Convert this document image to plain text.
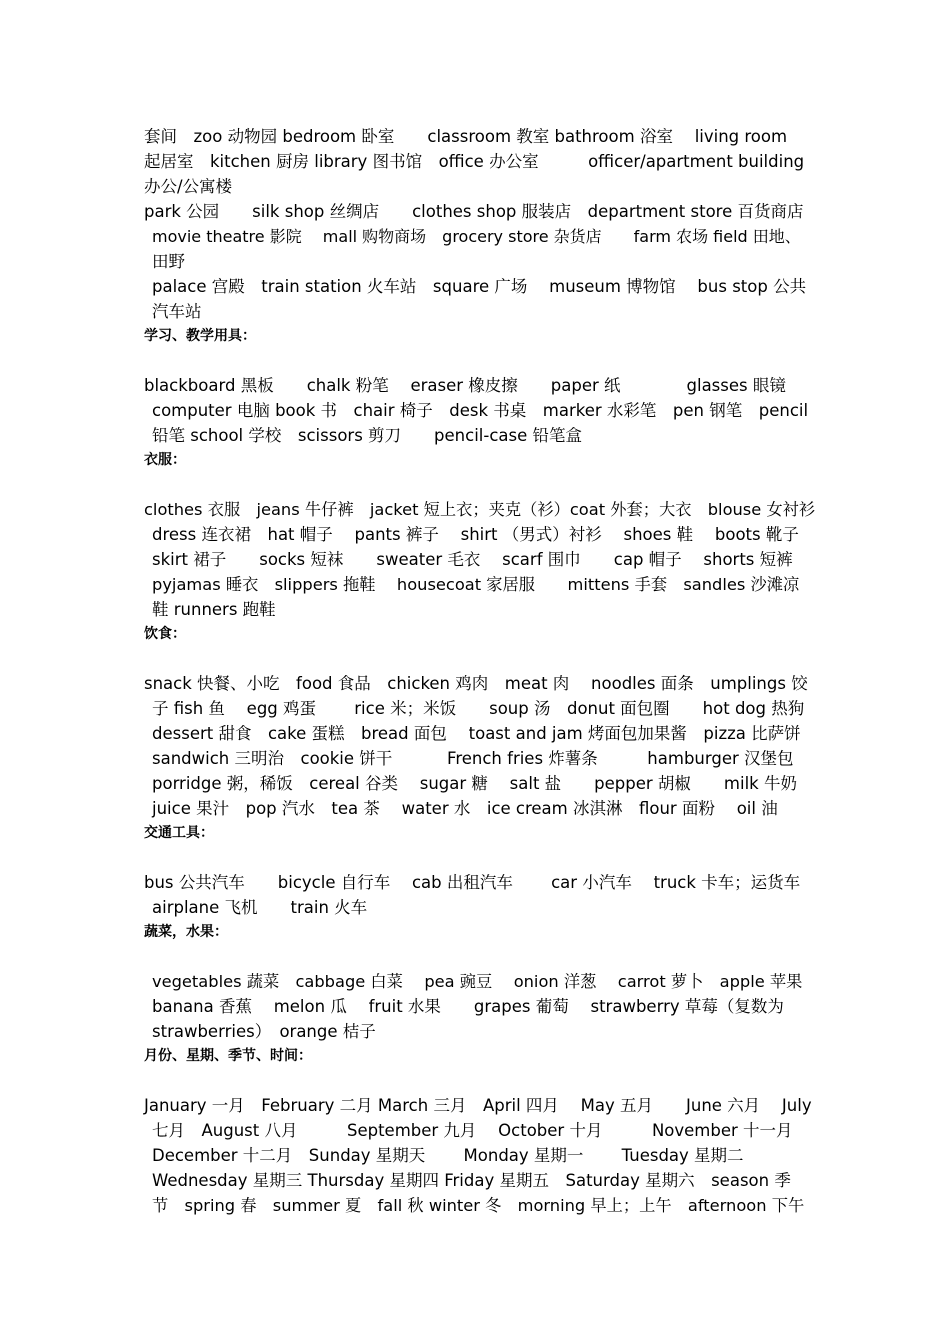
套间　zoo 动物园 bedroom 卧室　　classroom 教室 bathroom 浴室　 living room
起居室　kitchen 厨房 library 图书馆　office 办公室　　　officer/apartment building
办公/公寓楼
park 公园　　silk shop 丝绸店　　clothes shop 服装店　department store 百货商店
movie theatre 影院　 mall 购物商场　grocery store 杂货店　　farm 农场 field 田地、
田野
palace 宫殿　train station 火车站　square 广场　 museum 博物馆　 bus stop 公共
汽车站
学习、教学用具：
blackboard 黑板　　chalk 粉笔　 eraser 橡皮擦　　paper 纸　　　　glasses 眼镜
computer 电脑 book 书　chair 椅子　desk 书桌　marker 水彩笔　pen 钢笔　pencil
铅笔 school 学校　scissors 剪刀　　pencil-case 铅笔盒
衣服：
clothes 衣服　jeans 牛仔裤　jacket 短上衣；夹克（衫）coat 外套；大衣　blouse 女衬衫
dress 连衣裙　hat 帽子　 pants 裤子　 shirt （男式）衬衫　 shoes 鞋　 boots 靴子
skirt 裙子　　socks 短袜　　sweater 毛衣　 scarf 围巾　　cap 帽子　 shorts 短裤
pyjamas 睡衣　slippers 拖鞋　 housecoat 家居服　　mittens 手套　sandles 沙滩凉
鞋 runners 跑鞋
饮食：
snack 快餐、小吃　food 食品　chicken 鸡肉　meat 肉　 noodles 面条　umplings 饺
子 fish 鱼　 egg 鸡蛋　　 rice 米；米饭　　soup 汤　donut 面包圈　　hot dog 热狗
dessert 甜食　cake 蛋糕　bread 面包　 toast and jam 烤面包加果酱　pizza 比萨饼
sandwich 三明治　cookie 饼干　　　 French fries 炸薯条　　　hamburger 汉堡包
porridge 粥，稀饭　cereal 谷类　 sugar 糖　 salt 盐　　pepper 胡椒　　milk 牛奶
juice 果汁　pop 汽水　tea 茶　 water 水　ice cream 冰淇淋　flour 面粉　 oil 油
交通工具：
bus 公共汽车　　bicycle 自行车　 cab 出租汽车　　 car 小汽车　 truck 卡车；运货车
airplane 飞机　　train 火车
蔬菜，水果：
vegetables 蔬菜　cabbage 白菜　 pea 豌豆　 onion 洋葱　 carrot 萝卜　apple 苹果
banana 香蕉　 melon 瓜　 fruit 水果　　grapes 葡萄　 strawberry 草莓（复数为
strawberries）　orange 桔子
月份、星期、季节、时间：
January 一月　February 二月 March 三月　April 四月　 May 五月　　June 六月　 July
七月　August 八月　　　September 九月　 October 十月　　　November 十一月
December 十二月　Sunday 星期天　　 Monday 星期一　　 Tuesday 星期二
Wednesday 星期三 Thursday 星期四 Friday 星期五　Saturday 星期六　season 季
节　spring 春　summer 夏　fall 秋 winter 冬　morning 早上；上午　afternoon 下午
